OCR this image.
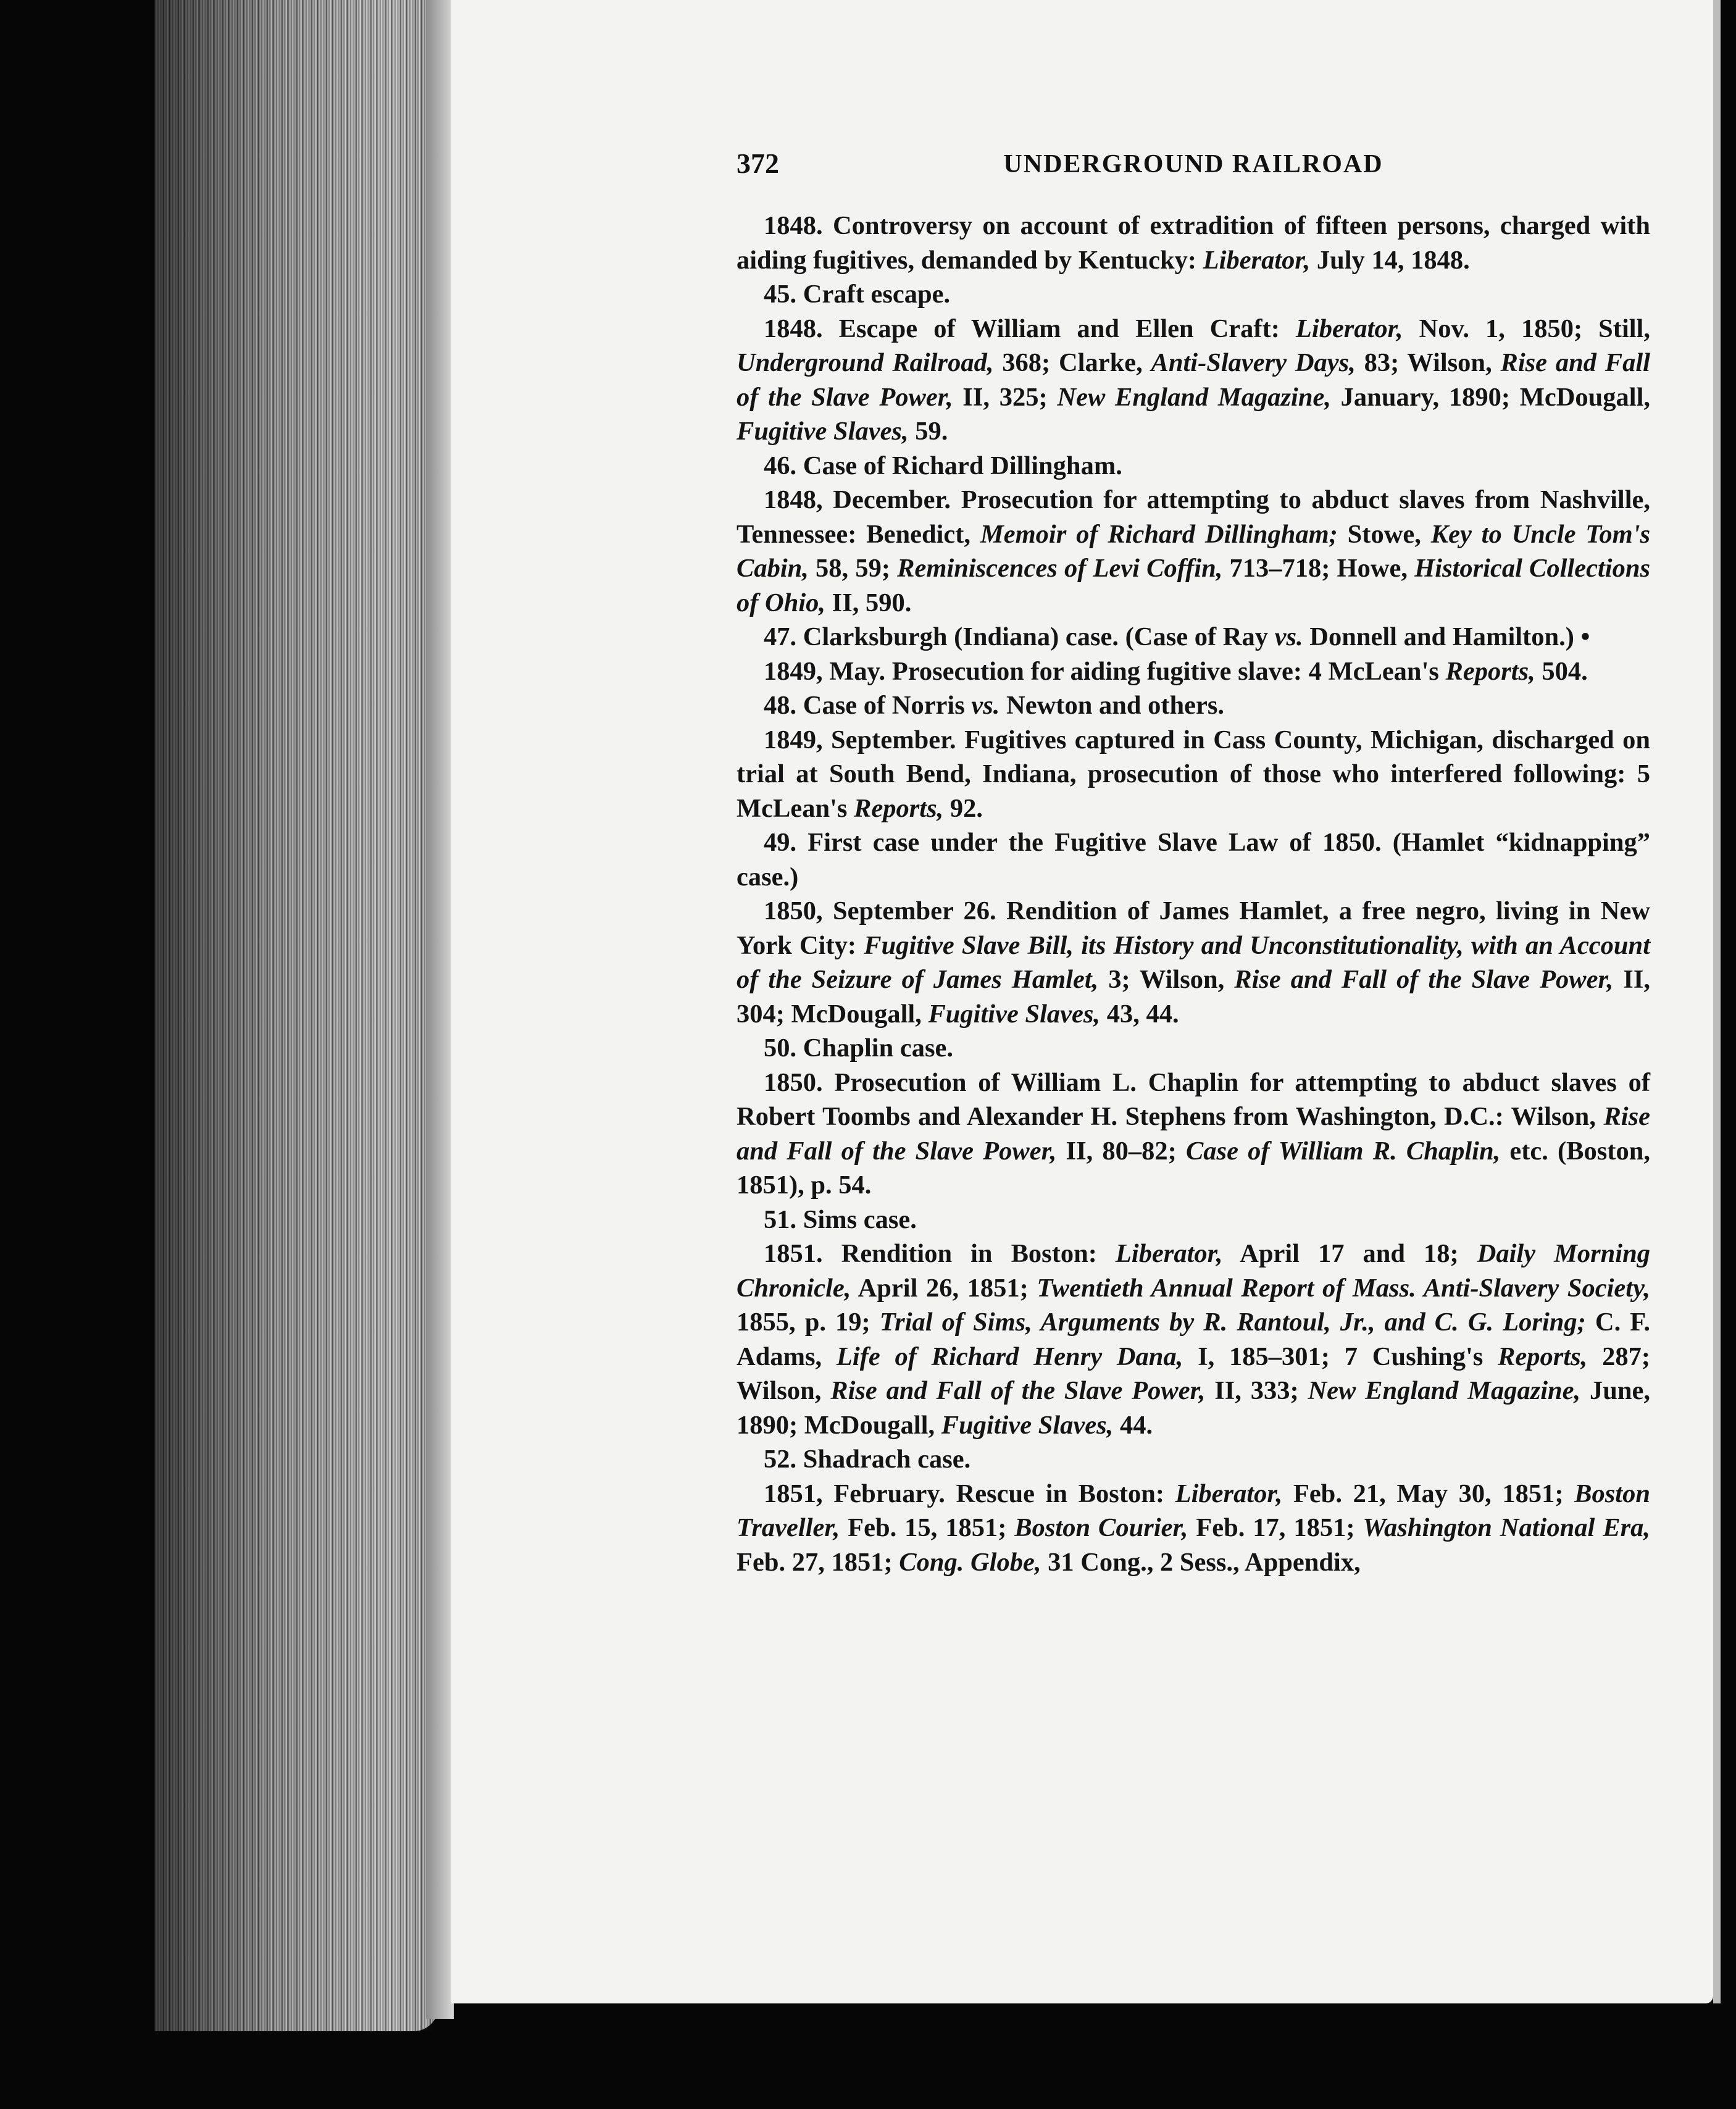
372	UNDERGROUND RAILROAD

1848. Controversy on account of extradition of fifteen persons, charged with aiding fugitives, demanded by Kentucky: Liberator, July 14, 1848.

45. Craft escape.

1848. Escape of William and Ellen Craft: Liberator, Nov. 1, 1850; Still, Underground Railroad, 368; Clarke, Anti-Slavery Days, 83; Wilson, Rise and Fall of the Slave Power, II, 325; New England Magazine, January, 1890; McDougall, Fugitive Slaves, 59.

46. Case of Richard Dillingham.

1848, December. Prosecution for attempting to abduct slaves from Nashville, Tennessee: Benedict, Memoir of Richard Dillingham; Stowe, Key to Uncle Tom's Cabin, 58, 59; Reminiscences of Levi Coffin, 713–718; Howe, Historical Collections of Ohio, II, 590.

47. Clarksburgh (Indiana) case. (Case of Ray vs. Donnell and Hamilton.) •

1849, May. Prosecution for aiding fugitive slave: 4 McLean's Reports, 504.

48. Case of Norris vs. Newton and others.

1849, September. Fugitives captured in Cass County, Michigan, discharged on trial at South Bend, Indiana, prosecution of those who interfered following: 5 McLean's Reports, 92.

49. First case under the Fugitive Slave Law of 1850. (Hamlet “kidnapping” case.)

1850, September 26. Rendition of James Hamlet, a free negro, living in New York City: Fugitive Slave Bill, its History and Unconstitutionality, with an Account of the Seizure of James Hamlet, 3; Wilson, Rise and Fall of the Slave Power, II, 304; McDougall, Fugitive Slaves, 43, 44.

50. Chaplin case.

1850. Prosecution of William L. Chaplin for attempting to abduct slaves of Robert Toombs and Alexander H. Stephens from Washington, D.C.: Wilson, Rise and Fall of the Slave Power, II, 80–82; Case of William R. Chaplin, etc. (Boston, 1851), p. 54.

51. Sims case.

1851. Rendition in Boston: Liberator, April 17 and 18; Daily Morning Chronicle, April 26, 1851; Twentieth Annual Report of Mass. Anti-Slavery Society, 1855, p. 19; Trial of Sims, Arguments by R. Rantoul, Jr., and C. G. Loring; C. F. Adams, Life of Richard Henry Dana, I, 185–301; 7 Cushing's Reports, 287; Wilson, Rise and Fall of the Slave Power, II, 333; New England Magazine, June, 1890; McDougall, Fugitive Slaves, 44.

52. Shadrach case.

1851, February. Rescue in Boston: Liberator, Feb. 21, May 30, 1851; Boston Traveller, Feb. 15, 1851; Boston Courier, Feb. 17, 1851; Washington National Era, Feb. 27, 1851; Cong. Globe, 31 Cong., 2 Sess., Appendix,
